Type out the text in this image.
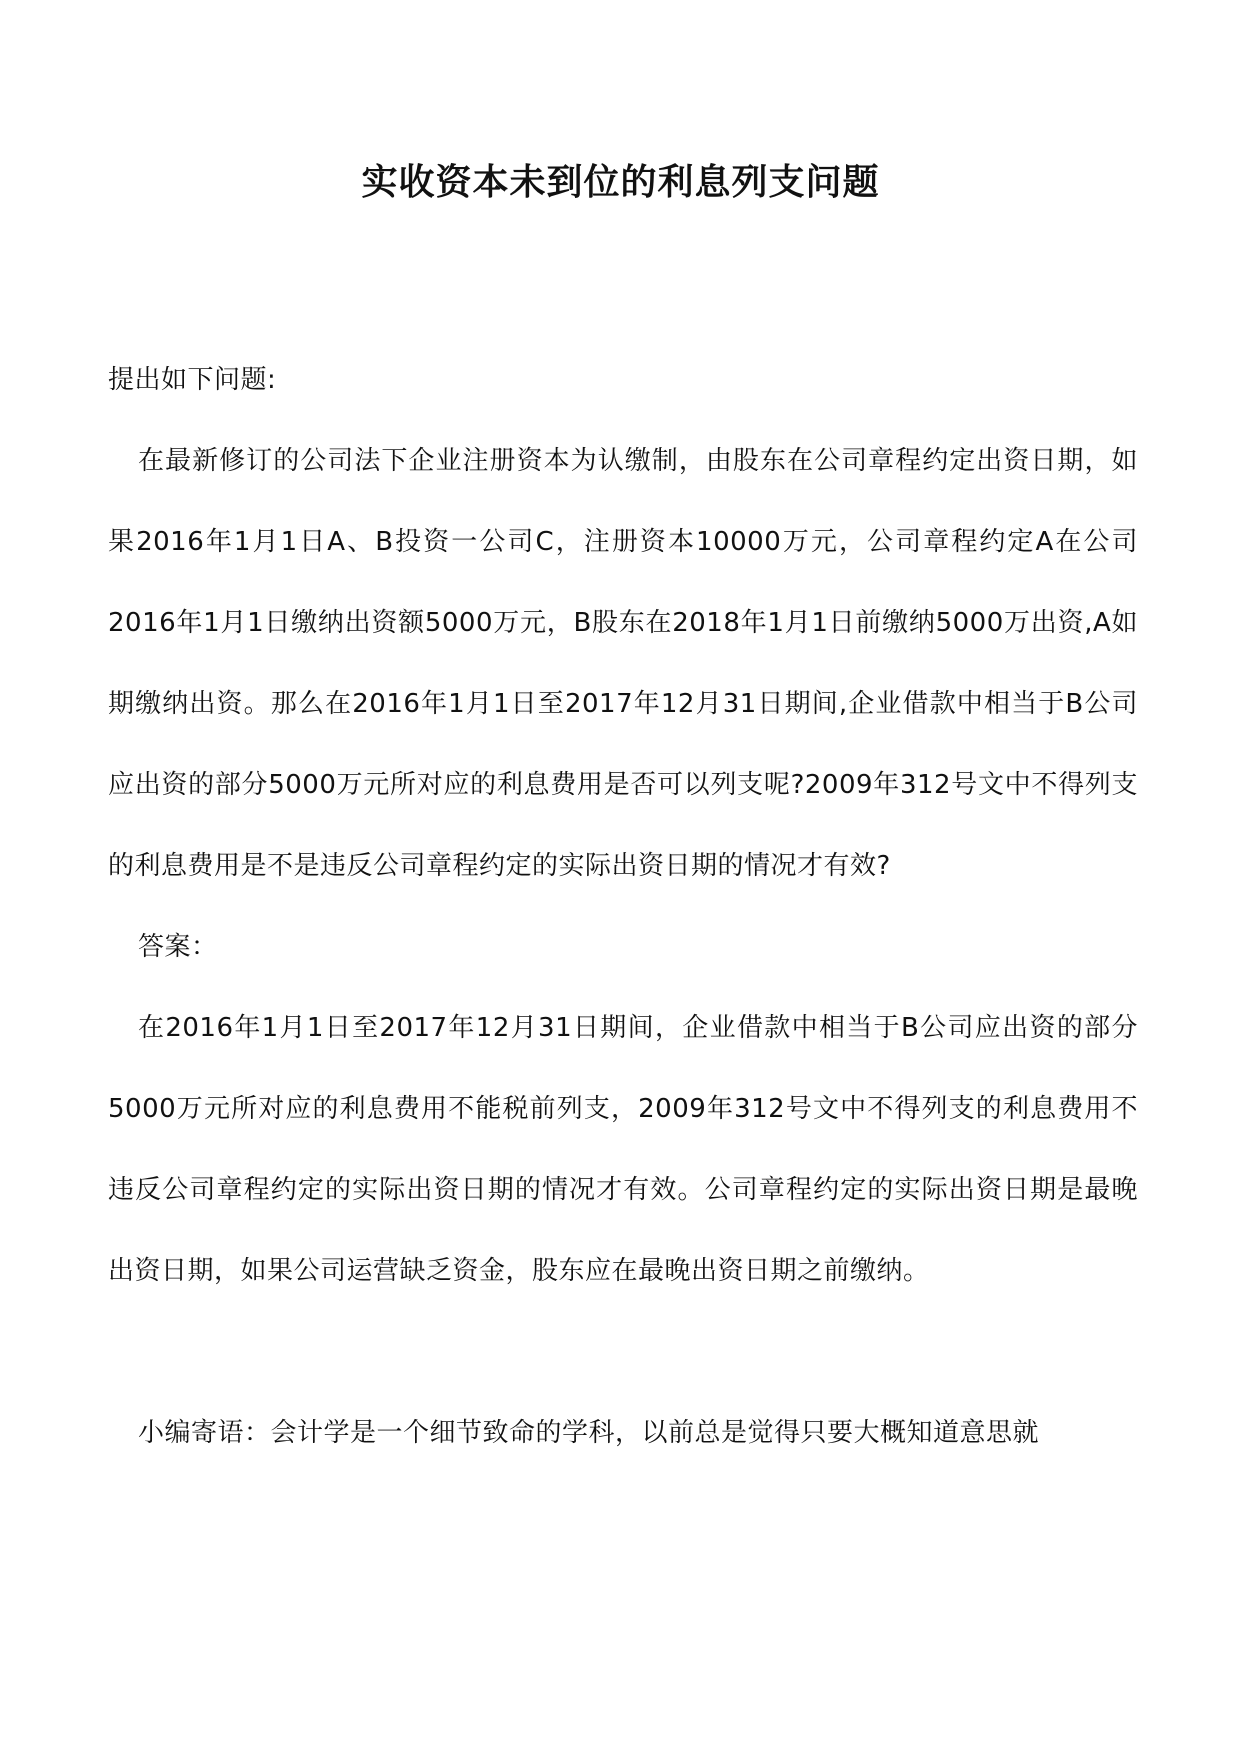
实收资本未到位的利息列支问题

提出如下问题:

在最新修订的公司法下企业注册资本为认缴制，由股东在公司章程约定出资日期，如果2016年1月1日A、B投资一公司C，注册资本10000万元，公司章程约定A在公司2016年1月1日缴纳出资额5000万元，B股东在2018年1月1日前缴纳5000万出资,A如期缴纳出资。那么在2016年1月1日至2017年12月31日期间,企业借款中相当于B公司应出资的部分5000万元所对应的利息费用是否可以列支呢?2009年312号文中不得列支的利息费用是不是违反公司章程约定的实际出资日期的情况才有效?

答案：

在2016年1月1日至2017年12月31日期间，企业借款中相当于B公司应出资的部分5000万元所对应的利息费用不能税前列支，2009年312号文中不得列支的利息费用不违反公司章程约定的实际出资日期的情况才有效。公司章程约定的实际出资日期是最晚出资日期，如果公司运营缺乏资金，股东应在最晚出资日期之前缴纳。

小编寄语：会计学是一个细节致命的学科，以前总是觉得只要大概知道意思就
